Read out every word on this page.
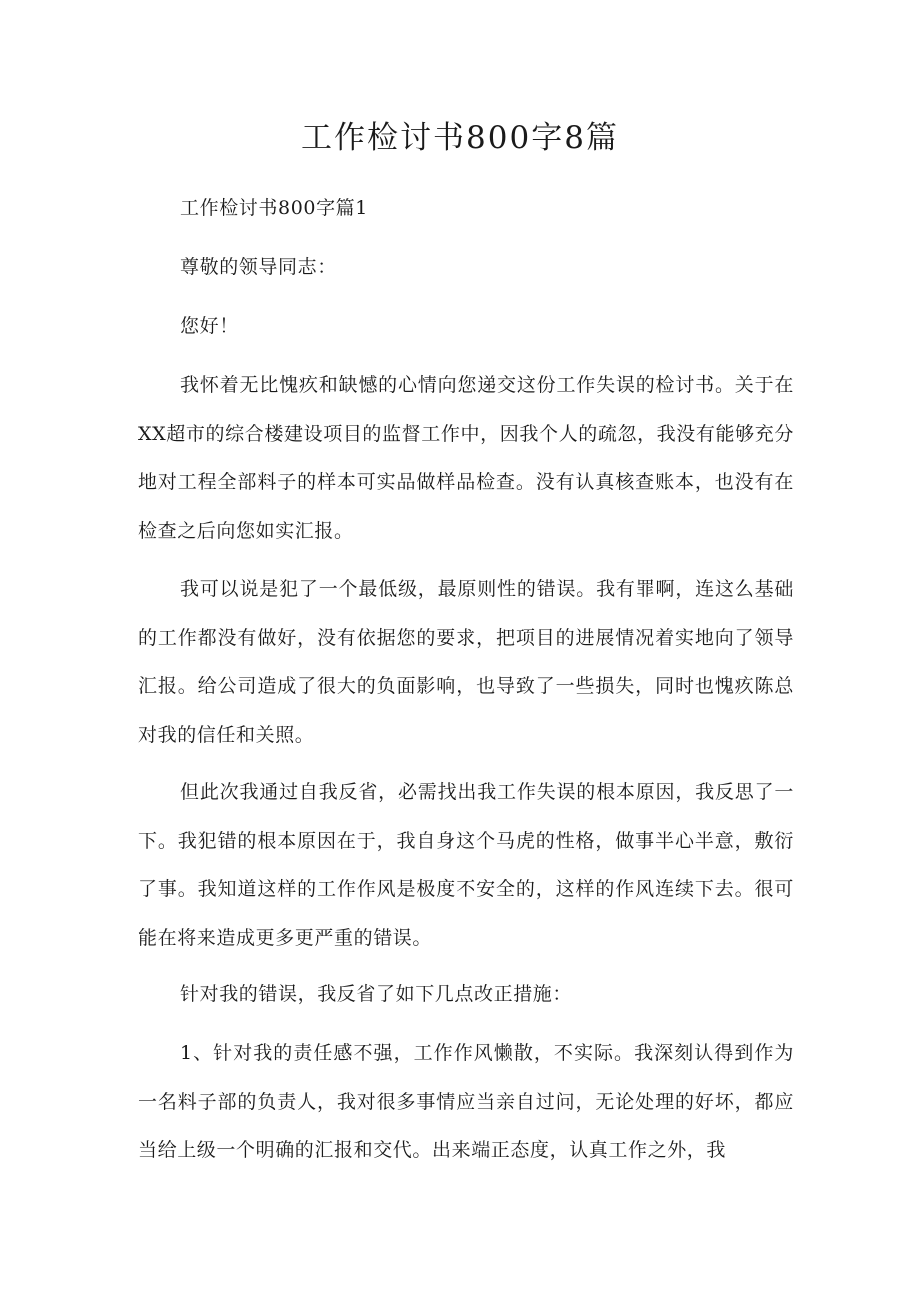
工作检讨书800字8篇

工作检讨书800字篇1

尊敬的领导同志：

您好！

我怀着无比愧疚和缺憾的心情向您递交这份工作失误的检讨书。关于在XX超市的综合楼建设项目的监督工作中，因我个人的疏忽，我没有能够充分地对工程全部料子的样本可实品做样品检查。没有认真核查账本，也没有在检查之后向您如实汇报。

我可以说是犯了一个最低级，最原则性的错误。我有罪啊，连这么基础的工作都没有做好，没有依据您的要求，把项目的进展情况着实地向了领导汇报。给公司造成了很大的负面影响，也导致了一些损失，同时也愧疚陈总对我的信任和关照。

但此次我通过自我反省，必需找出我工作失误的根本原因，我反思了一下。我犯错的根本原因在于，我自身这个马虎的性格，做事半心半意，敷衍了事。我知道这样的工作作风是极度不安全的，这样的作风连续下去。很可能在将来造成更多更严重的错误。

针对我的错误，我反省了如下几点改正措施：

1、针对我的责任感不强，工作作风懒散，不实际。我深刻认得到作为一名料子部的负责人，我对很多事情应当亲自过问，无论处理的好坏，都应当给上级一个明确的汇报和交代。出来端正态度，认真工作之外，我
